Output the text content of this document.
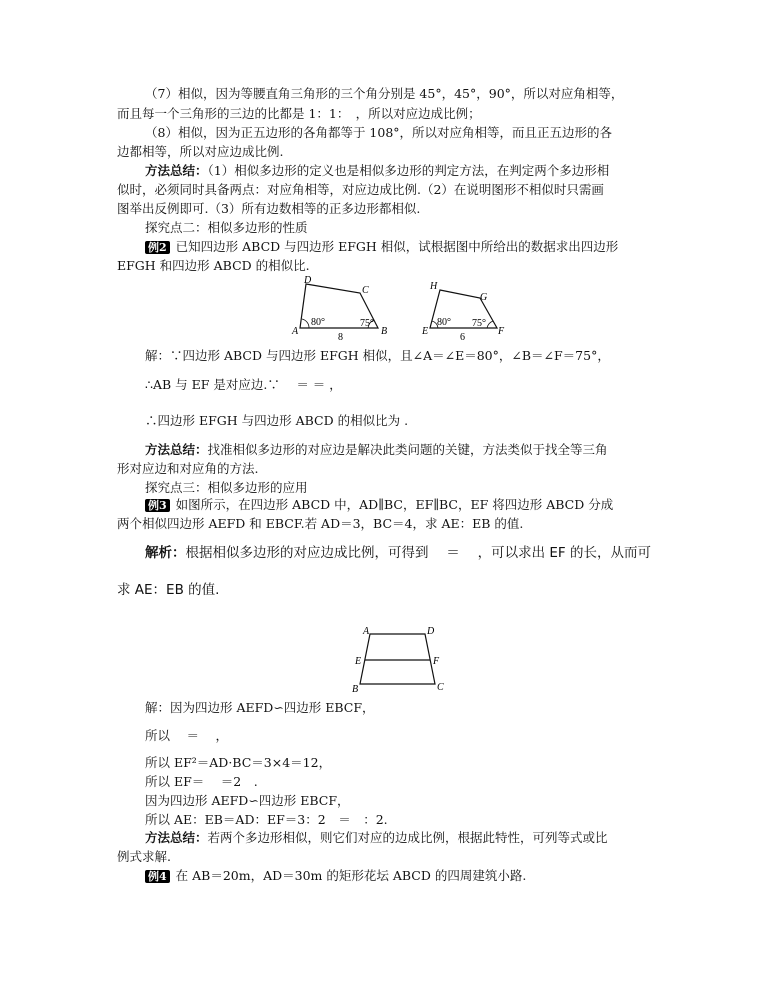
（7）相似，因为等腰直角三角形的三个角分别是 45°，45°，90°，所以对应角相等，
而且每一个三角形的三边的比都是 1：1：　，所以对应边成比例；
（8）相似，因为正五边形的各角都等于 108°，所以对应角相等，而且正五边形的各
边都相等，所以对应边成比例.
方法总结：（1）相似多边形的定义也是相似多边形的判定方法，在判定两个多边形相
似时，必须同时具备两点：对应角相等，对应边成比例.（2）在说明图形不相似时只需画
图举出反例即可.（3）所有边数相等的正多边形都相似.
探究点二：相似多边形的性质
例2 已知四边形 ABCD 与四边形 EFGH 相似，试根据图中所给出的数据求出四边形
EFGH 和四边形 ABCD 的相似比.
D
C
A	B
80°	75°
8
H
G
E	F
80° 75°
6
解：∵四边形 ABCD 与四边形 EFGH 相似，且∠A＝∠E＝80°，∠B＝∠F＝75°，
∴AB 与 EF 是对应边.∵　 ＝ ＝ ，
∴四边形 EFGH 与四边形 ABCD 的相似比为 .
方法总结：找准相似多边形的对应边是解决此类问题的关键，方法类似于找全等三角
形对应边和对应角的方法.
探究点三：相似多边形的应用
例3 如图所示，在四边形 ABCD 中，AD∥BC，EF∥BC，EF 将四边形 ABCD 分成
两个相似四边形 AEFD 和 EBCF.若 AD＝3，BC＝4，求 AE：EB 的值.
解析：根据相似多边形的对应边成比例，可得到　 ＝　 ，可以求出 EF 的长，从而可
求 AE：EB 的值.
A	D
E	F
B	C
解：因为四边形 AEFD∽四边形 EBCF，
所以　 ＝　 ，
所以 EF²＝AD·BC＝3×4＝12，
所以 EF＝　 ＝2　.
因为四边形 AEFD∽四边形 EBCF，
所以 AE：EB＝AD：EF＝3：2　＝　：2.
方法总结：若两个多边形相似，则它们对应的边成比例，根据此特性，可列等式或比
例式求解.
例4 在 AB＝20m，AD＝30m 的矩形花坛 ABCD 的四周建筑小路.
